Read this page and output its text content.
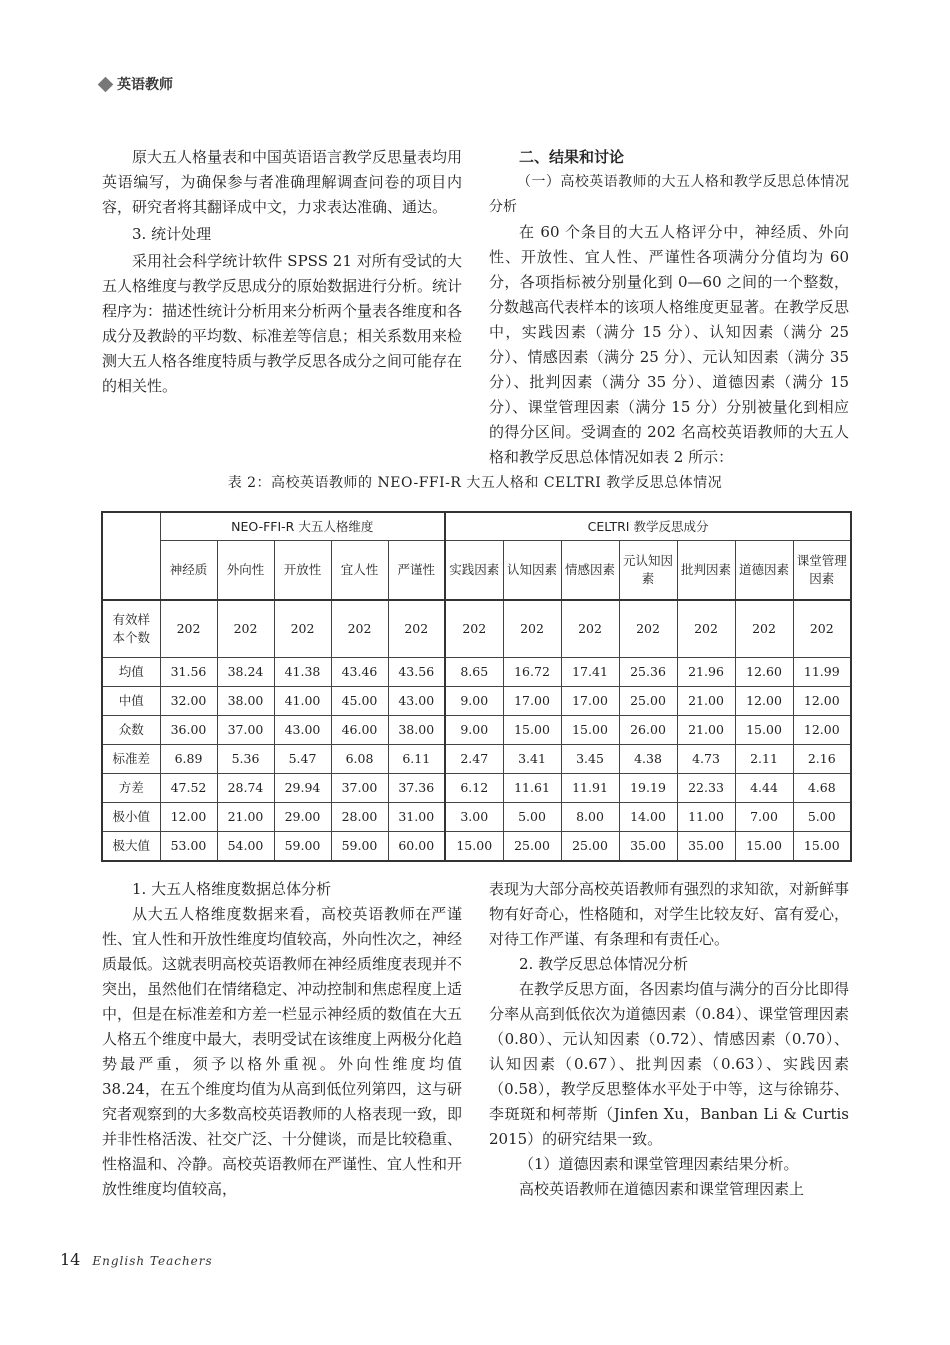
英语教师

原大五人格量表和中国英语语言教学反思量表均用英语编写，为确保参与者准确理解调查问卷的项目内容，研究者将其翻译成中文，力求表达准确、通达。

3. 统计处理

采用社会科学统计软件 SPSS 21 对所有受试的大五人格维度与教学反思成分的原始数据进行分析。统计程序为：描述性统计分析用来分析两个量表各维度和各成分及教龄的平均数、标准差等信息；相关系数用来检测大五人格各维度特质与教学反思各成分之间可能存在的相关性。

二、结果和讨论

（一）高校英语教师的大五人格和教学反思总体情况分析

在 60 个条目的大五人格评分中，神经质、外向性、开放性、宜人性、严谨性各项满分分值均为 60 分，各项指标被分别量化到 0—60 之间的一个整数，分数越高代表样本的该项人格维度更显著。在教学反思中，实践因素（满分 15 分）、认知因素（满分 25 分）、情感因素（满分 25 分）、元认知因素（满分 35 分）、批判因素（满分 35 分）、道德因素（满分 15 分）、课堂管理因素（满分 15 分）分别被量化到相应的得分区间。受调查的 202 名高校英语教师的大五人格和教学反思总体情况如表 2 所示：

表 2：高校英语教师的 NEO-FFI-R 大五人格和 CELTRI 教学反思总体情况
	NEO-FFI-R 大五人格维度					CELTRI 教学反思成分						
	神经质	外向性	开放性	宜人性	严谨性	实践因素	认知因素	情感因素	元认知因素	批判因素	道德因素	课堂管理因素
有效样本个数	202	202	202	202	202	202	202	202	202	202	202	202
均值	31.56	38.24	41.38	43.46	43.56	8.65	16.72	17.41	25.36	21.96	12.60	11.99
中值	32.00	38.00	41.00	45.00	43.00	9.00	17.00	17.00	25.00	21.00	12.00	12.00
众数	36.00	37.00	43.00	46.00	38.00	9.00	15.00	15.00	26.00	21.00	15.00	12.00
标准差	6.89	5.36	5.47	6.08	6.11	2.47	3.41	3.45	4.38	4.73	2.11	2.16
方差	47.52	28.74	29.94	37.00	37.36	6.12	11.61	11.91	19.19	22.33	4.44	4.68
极小值	12.00	21.00	29.00	28.00	31.00	3.00	5.00	8.00	14.00	11.00	7.00	5.00
极大值	53.00	54.00	59.00	59.00	60.00	15.00	25.00	25.00	35.00	35.00	15.00	15.00

1. 大五人格维度数据总体分析

从大五人格维度数据来看，高校英语教师在严谨性、宜人性和开放性维度均值较高，外向性次之，神经质最低。这就表明高校英语教师在神经质维度表现并不突出，虽然他们在情绪稳定、冲动控制和焦虑程度上适中，但是在标准差和方差一栏显示神经质的数值在大五人格五个维度中最大，表明受试在该维度上两极分化趋势最严重，须予以格外重视。外向性维度均值 38.24，在五个维度均值为从高到低位列第四，这与研究者观察到的大多数高校英语教师的人格表现一致，即并非性格活泼、社交广泛、十分健谈，而是比较稳重、性格温和、冷静。高校英语教师在严谨性、宜人性和开放性维度均值较高，

表现为大部分高校英语教师有强烈的求知欲，对新鲜事物有好奇心，性格随和，对学生比较友好、富有爱心，对待工作严谨、有条理和有责任心。

2. 教学反思总体情况分析

在教学反思方面，各因素均值与满分的百分比即得分率从高到低依次为道德因素（0.84）、课堂管理因素（0.80）、元认知因素（0.72）、情感因素（0.70）、认知因素（0.67）、批判因素（0.63）、实践因素（0.58），教学反思整体水平处于中等，这与徐锦芬、李斑斑和柯蒂斯（Jinfen Xu，Banban Li & Curtis 2015）的研究结果一致。

（1）道德因素和课堂管理因素结果分析。

高校英语教师在道德因素和课堂管理因素上

14 English Teachers
